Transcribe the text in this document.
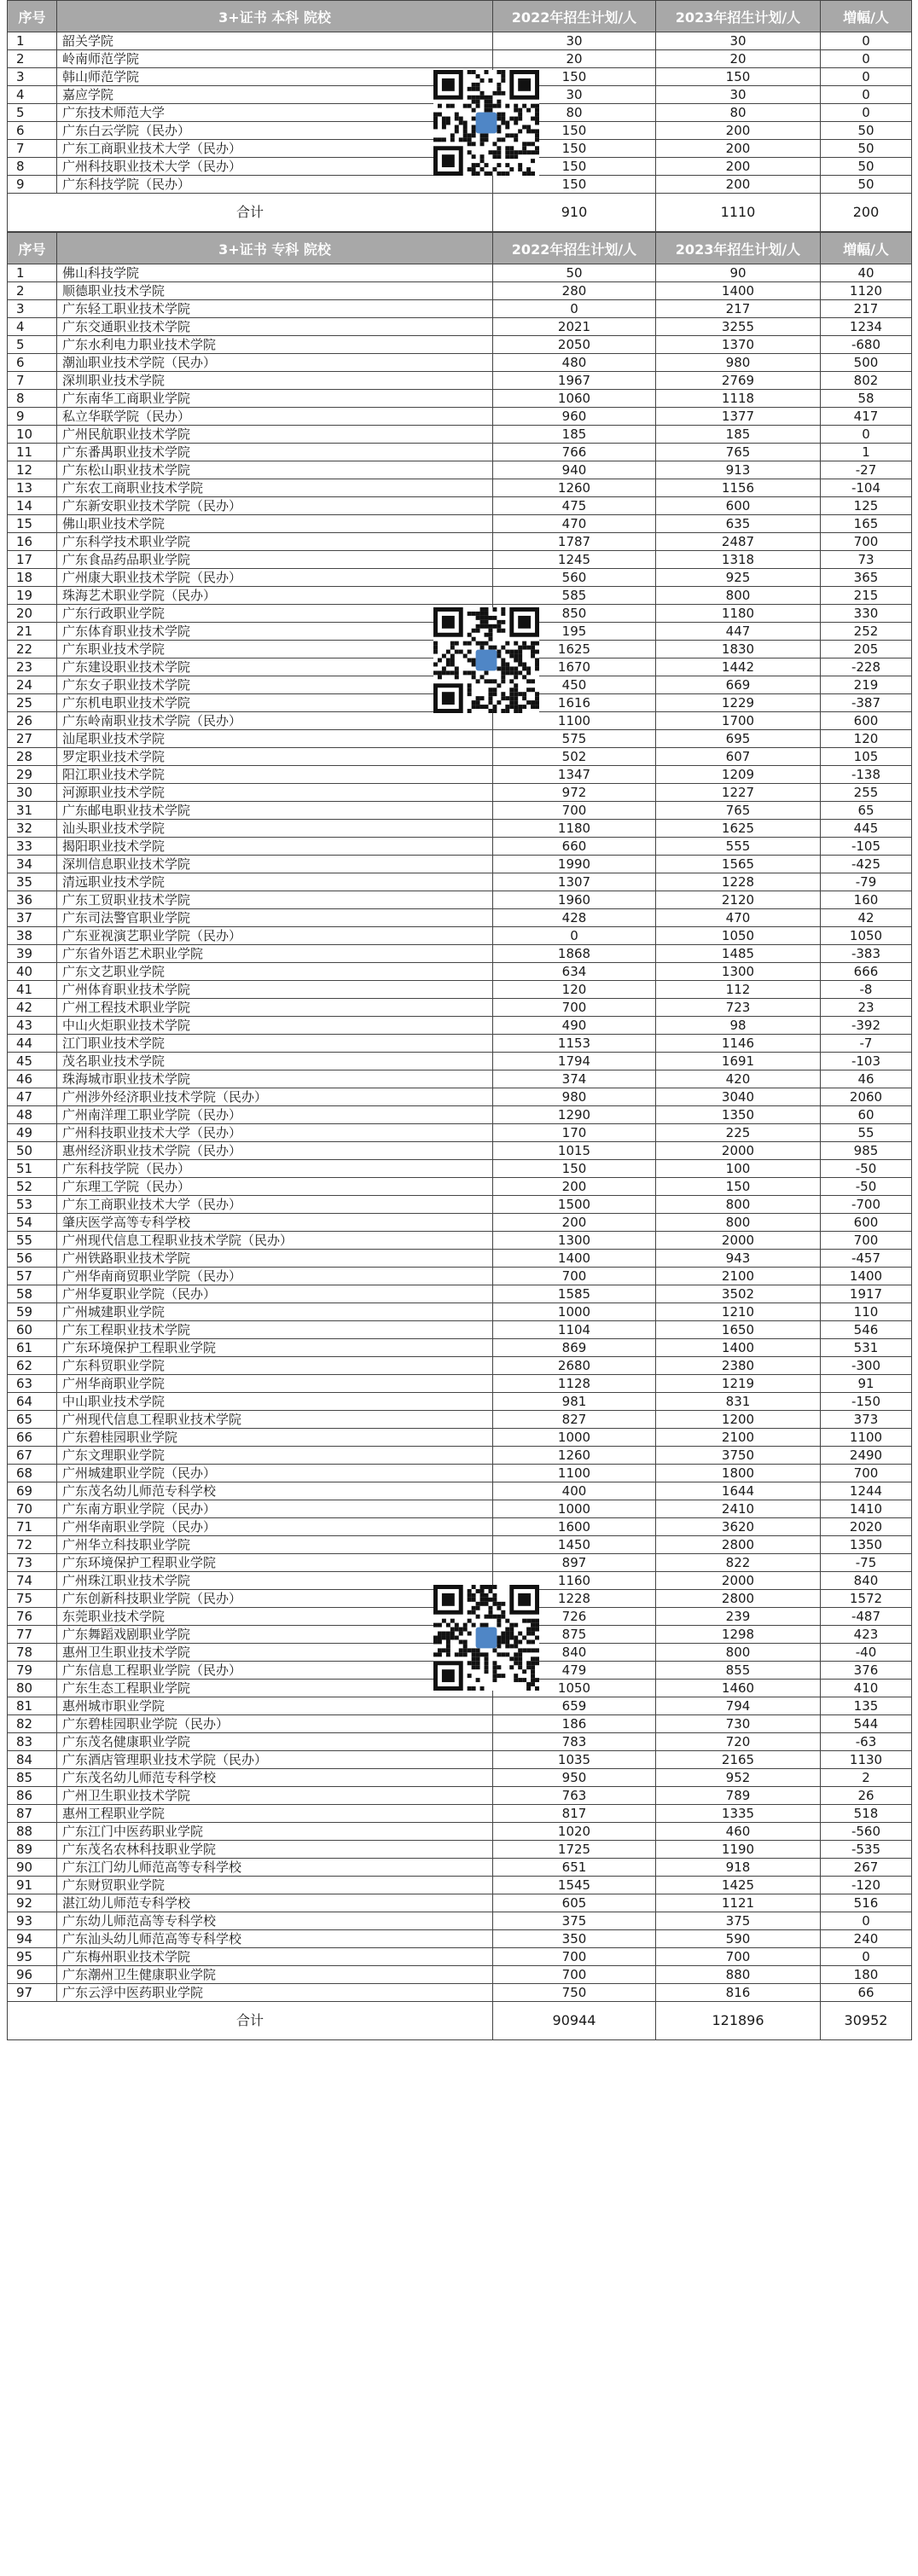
序号	3+证书 本科 院校	2022年招生计划/人	2023年招生计划/人	増幅/人
1	韶关学院	30	30	0
2	岭南师范学院	20	20	0
3	韩山师范学院	150	150	0
4	嘉应学院	30	30	0
5	广东技术师范大学	80	80	0
6	广东白云学院（民办）	150	200	50
7	广东工商职业技术大学（民办）	150	200	50
8	广州科技职业技术大学（民办）	150	200	50
9	广东科技学院（民办）	150	200	50
合计		910	1110	200
序号	3+证书 专科 院校	2022年招生计划/人	2023年招生计划/人	増幅/人
1	佛山科技学院	50	90	40
2	顺德职业技术学院	280	1400	1120
3	广东轻工职业技术学院	0	217	217
4	广东交通职业技术学院	2021	3255	1234
5	广东水利电力职业技术学院	2050	1370	-680
6	潮汕职业技术学院（民办）	480	980	500
7	深圳职业技术学院	1967	2769	802
8	广东南华工商职业学院	1060	1118	58
9	私立华联学院（民办）	960	1377	417
10	广州民航职业技术学院	185	185	0
11	广东番禺职业技术学院	766	765	1
12	广东松山职业技术学院	940	913	-27
13	广东农工商职业技术学院	1260	1156	-104
14	广东新安职业技术学院（民办）	475	600	125
15	佛山职业技术学院	470	635	165
16	广东科学技术职业学院	1787	2487	700
17	广东食品药品职业学院	1245	1318	73
18	广州康大职业技术学院（民办）	560	925	365
19	珠海艺术职业学院（民办）	585	800	215
20	广东行政职业学院	850	1180	330
21	广东体育职业技术学院	195	447	252
22	广东职业技术学院	1625	1830	205
23	广东建设职业技术学院	1670	1442	-228
24	广东女子职业技术学院	450	669	219
25	广东机电职业技术学院	1616	1229	-387
26	广东岭南职业技术学院（民办）	1100	1700	600
27	汕尾职业技术学院	575	695	120
28	罗定职业技术学院	502	607	105
29	阳江职业技术学院	1347	1209	-138
30	河源职业技术学院	972	1227	255
31	广东邮电职业技术学院	700	765	65
32	汕头职业技术学院	1180	1625	445
33	揭阳职业技术学院	660	555	-105
34	深圳信息职业技术学院	1990	1565	-425
35	清远职业技术学院	1307	1228	-79
36	广东工贸职业技术学院	1960	2120	160
37	广东司法警官职业学院	428	470	42
38	广东亚视演艺职业学院（民办）	0	1050	1050
39	广东省外语艺术职业学院	1868	1485	-383
40	广东文艺职业学院	634	1300	666
41	广州体育职业技术学院	120	112	-8
42	广州工程技术职业学院	700	723	23
43	中山火炬职业技术学院	490	98	-392
44	江门职业技术学院	1153	1146	-7
45	茂名职业技术学院	1794	1691	-103
46	珠海城市职业技术学院	374	420	46
47	广州涉外经济职业技术学院（民办）	980	3040	2060
48	广州南洋理工职业学院（民办）	1290	1350	60
49	广州科技职业技术大学（民办）	170	225	55
50	惠州经济职业技术学院（民办）	1015	2000	985
51	广东科技学院（民办）	150	100	-50
52	广东理工学院（民办）	200	150	-50
53	广东工商职业技术大学（民办）	1500	800	-700
54	肇庆医学高等专科学校	200	800	600
55	广州现代信息工程职业技术学院（民办）	1300	2000	700
56	广州铁路职业技术学院	1400	943	-457
57	广州华南商贸职业学院（民办）	700	2100	1400
58	广州华夏职业学院（民办）	1585	3502	1917
59	广州城建职业学院	1000	1210	110
60	广东工程职业技术学院	1104	1650	546
61	广东环境保护工程职业学院	869	1400	531
62	广东科贸职业学院	2680	2380	-300
63	广州华商职业学院	1128	1219	91
64	中山职业技术学院	981	831	-150
65	广州现代信息工程职业技术学院	827	1200	373
66	广东碧桂园职业学院	1000	2100	1100
67	广东文理职业学院	1260	3750	2490
68	广州城建职业学院（民办）	1100	1800	700
69	广东茂名幼儿师范专科学校	400	1644	1244
70	广东南方职业学院（民办）	1000	2410	1410
71	广州华南职业学院（民办）	1600	3620	2020
72	广州华立科技职业学院	1450	2800	1350
73	广东环境保护工程职业学院	897	822	-75
74	广州珠江职业技术学院	1160	2000	840
75	广东创新科技职业学院（民办）	1228	2800	1572
76	东莞职业技术学院	726	239	-487
77	广东舞蹈戏剧职业学院	875	1298	423
78	惠州卫生职业技术学院	840	800	-40
79	广东信息工程职业学院（民办）	479	855	376
80	广东生态工程职业学院	1050	1460	410
81	惠州城市职业学院	659	794	135
82	广东碧桂园职业学院（民办）	186	730	544
83	广东茂名健康职业学院	783	720	-63
84	广东酒店管理职业技术学院（民办）	1035	2165	1130
85	广东茂名幼儿师范专科学校	950	952	2
86	广州卫生职业技术学院	763	789	26
87	惠州工程职业学院	817	1335	518
88	广东江门中医药职业学院	1020	460	-560
89	广东茂名农林科技职业学院	1725	1190	-535
90	广东江门幼儿师范高等专科学校	651	918	267
91	广东财贸职业学院	1545	1425	-120
92	湛江幼儿师范专科学校	605	1121	516
93	广东幼儿师范高等专科学校	375	375	0
94	广东汕头幼儿师范高等专科学校	350	590	240
95	广东梅州职业技术学院	700	700	0
96	广东潮州卫生健康职业学院	700	880	180
97	广东云浮中医药职业学院	750	816	66
合计		90944	121896	30952
